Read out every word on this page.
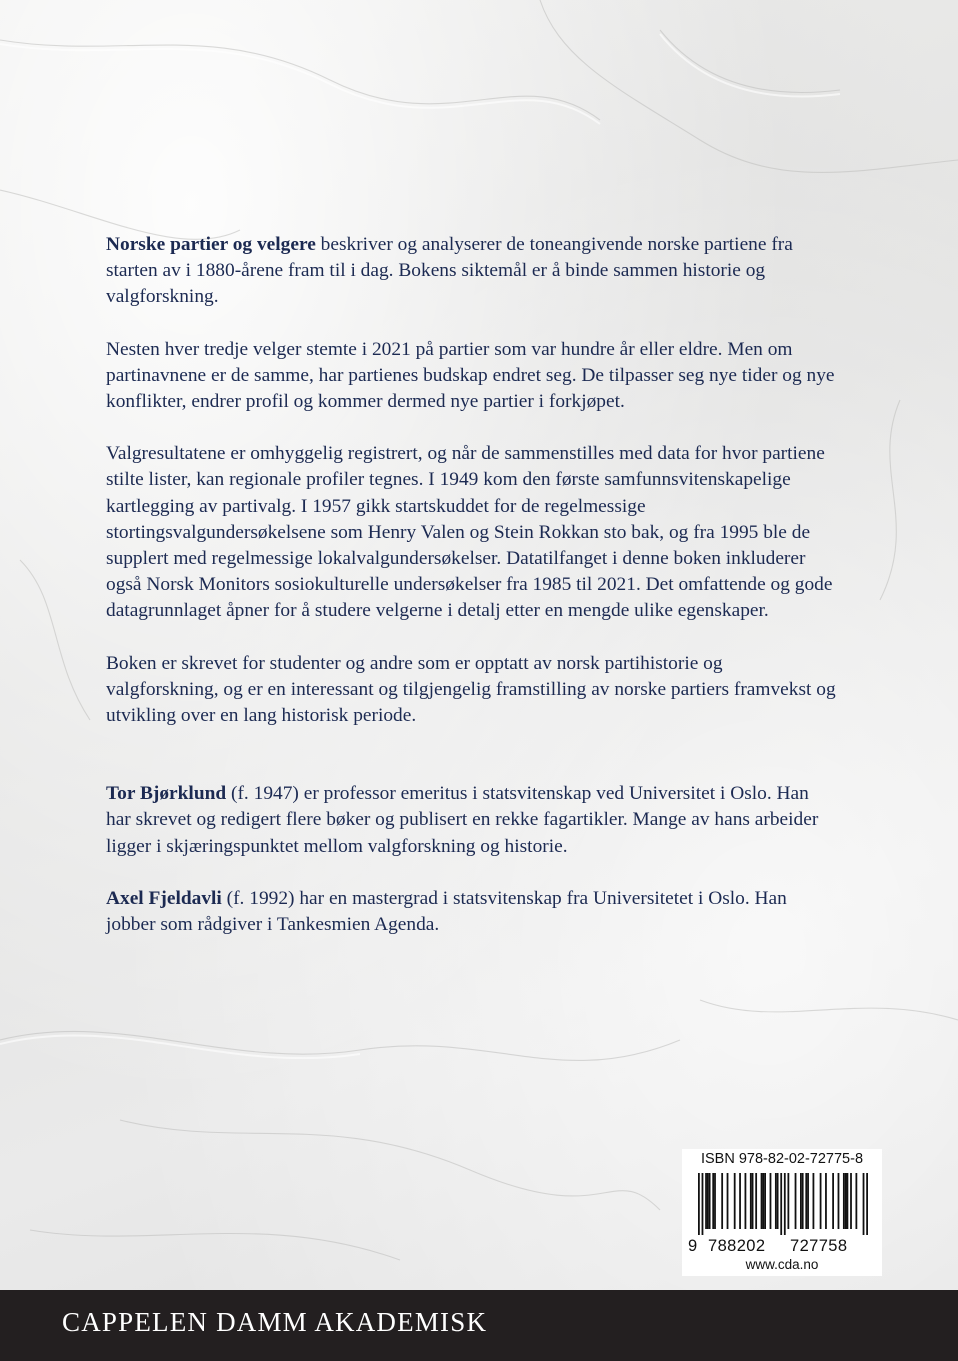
Norske partier og velgere beskriver og analyserer de toneangivende norske partiene fra starten av i 1880-årene fram til i dag. Bokens siktemål er å binde sammen historie og valgforskning.

Nesten hver tredje velger stemte i 2021 på partier som var hundre år eller eldre. Men om partinavnene er de samme, har partienes budskap endret seg. De tilpasser seg nye tider og nye konflikter, endrer profil og kommer dermed nye partier i forkjøpet.

Valgresultatene er omhyggelig registrert, og når de sammenstilles med data for hvor partiene stilte lister, kan regionale profiler tegnes. I 1949 kom den første samfunnsvitenskapelige kartlegging av partivalg. I 1957 gikk startskuddet for de regelmessige stortingsvalgundersøkelsene som Henry Valen og Stein Rokkan sto bak, og fra 1995 ble de supplert med regelmessige lokalvalgundersøkelser. Datatilfanget i denne boken inkluderer også Norsk Monitors sosiokulturelle undersøkelser fra 1985 til 2021. Det omfattende og gode datagrunnlaget åpner for å studere velgerne i detalj etter en mengde ulike egenskaper.

Boken er skrevet for studenter og andre som er opptatt av norsk partihistorie og valgforskning, og er en interessant og tilgjengelig framstilling av norske partiers framvekst og utvikling over en lang historisk periode.

Tor Bjørklund (f. 1947) er professor emeritus i statsvitenskap ved Universitet i Oslo. Han har skrevet og redigert flere bøker og publisert en rekke fagartikler. Mange av hans arbeider ligger i skjæringspunktet mellom valgforskning og historie.

Axel Fjeldavli (f. 1992) har en mastergrad i statsvitenskap fra Universitetet i Oslo. Han jobber som rådgiver i Tankesmien Agenda.

ISBN 978-82-02-72775-8
9 788202 727758
www.cda.no
CAPPELEN DAMM AKADEMISK
